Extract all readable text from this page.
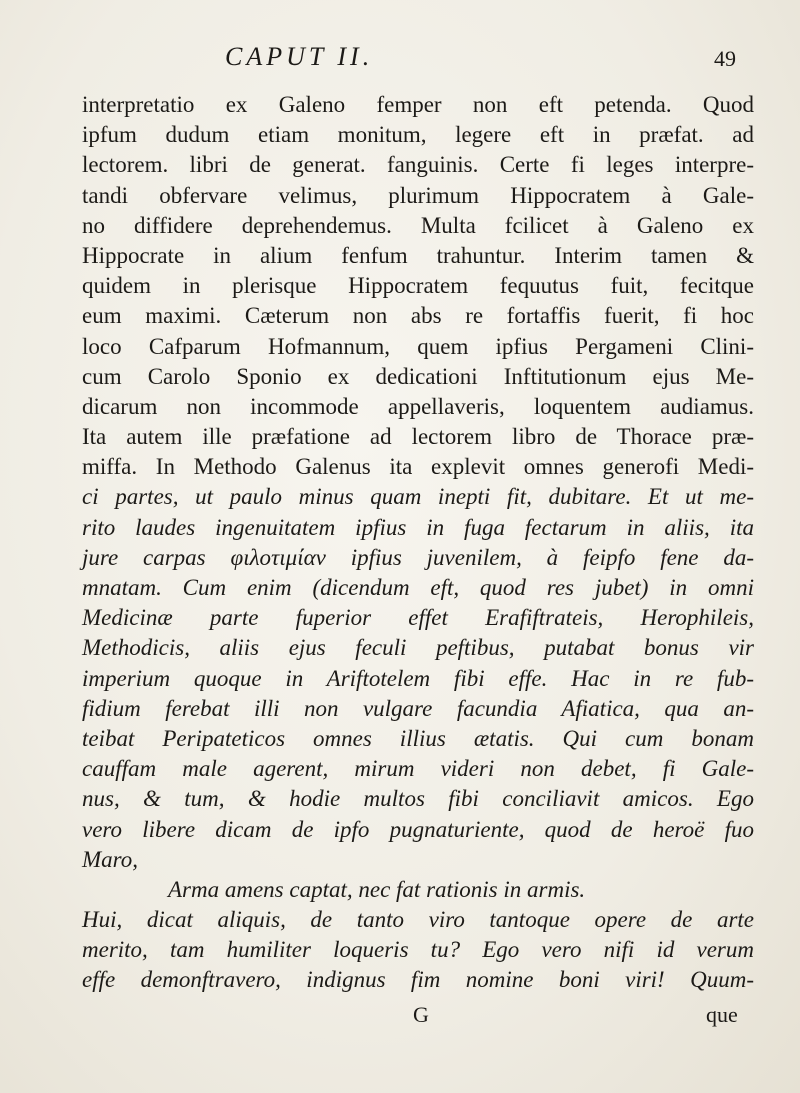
CAPUT II.	49
interpretatio ex Galeno femper non eft petenda. Quod
ipfum dudum etiam monitum, legere eft in præfat. ad
lectorem. libri de generat. fanguinis. Certe fi leges interpre-
tandi obfervare velimus, plurimum Hippocratem à Gale-
no diffidere deprehendemus. Multa fcilicet à Galeno ex
Hippocrate in alium fenfum trahuntur. Interim tamen &
quidem in plerisque Hippocratem fequutus fuit, fecitque
eum maximi. Cæterum non abs re fortaffis fuerit, fi hoc
loco Cafparum Hofmannum, quem ipfius Pergameni Clini-
cum Carolo Sponio ex dedicationi Inftitutionum ejus Me-
dicarum non incommode appellaveris, loquentem audiamus.
Ita autem ille præfatione ad lectorem libro de Thorace præ-
miffa. In Methodo Galenus ita explevit omnes generofi Medi-
ci partes, ut paulo minus quam inepti fit, dubitare. Et ut me-
rito laudes ingenuitatem ipfius in fuga fectarum in aliis, ita
jure carpas φιλοτιμίαν ipfius juvenilem, à feipfo fene da-
mnatam. Cum enim (dicendum eft, quod res jubet) in omni
Medicinæ parte fuperior effet Erafiftrateis, Herophileis,
Methodicis, aliis ejus feculi peftibus, putabat bonus vir
imperium quoque in Ariftotelem fibi effe. Hac in re fub-
fidium ferebat illi non vulgare facundia Afiatica, qua an-
teibat Peripateticos omnes illius ætatis. Qui cum bonam
cauffam male agerent, mirum videri non debet, fi Gale-
nus, & tum, & hodie multos fibi conciliavit amicos. Ego
vero libere dicam de ipfo pugnaturiente, quod de heroë fuo
Maro,
Arma amens captat, nec fat rationis in armis.
Hui, dicat aliquis, de tanto viro tantoque opere de arte
merito, tam humiliter loqueris tu? Ego vero nifi id verum
effe demonftravero, indignus fim nomine boni viri! Quum-
G	que
